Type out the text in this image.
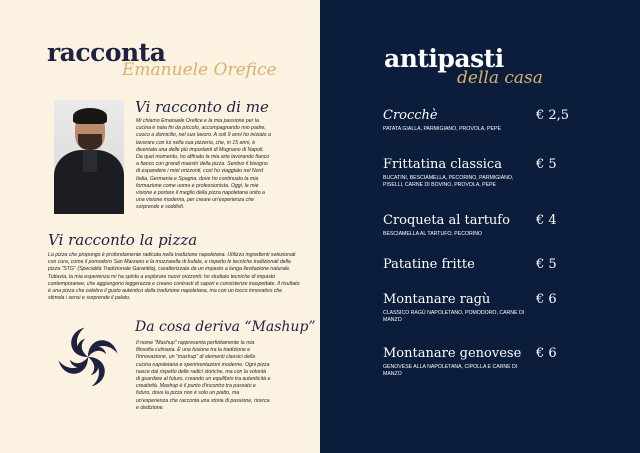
racconta
Emanuele Orefice
Vi racconto di me
Mi chiamo Emanuele Orefice e la mia passione per la cucina è nata fin da piccolo, accompagnando mio padre, cuoco a domicilio, nel suo lavoro. A soli 9 anni ho iniziato a lavorare con lui nella sua pizzeria, che, in 15 anni, è diventata una delle più importanti di Mugnano di Napoli. Da quel momento, ho affinato la mia arte lavorando fianco a fianco con grandi maestri della pizza. Sentivo il bisogno di espandere i miei orizzonti, così ho viaggiato nel Nord Italia, Germania e Spagna, dove ho continuato la mia formazione come uomo e professionista. Oggi, le mie visione e portare il meglio della pizza napoletana unito a una visione moderna, per creare un'esperienza che sorprende e soddisfi.
Vi racconto la pizza
La pizza che propongo è profondamente radicata nella tradizione napoletana. Utilizzo ingredienti selezionati con cura, come il pomodoro San Marzano e la mozzarella di bufala, e rispetto le tecniche tradizionali della pizza "STG" (Specialità Tradizionale Garantita), caratterizzata da un impasto a lunga lievitazione naturale. Tuttavia, la mia esperienza mi ha spinto a esplorare nuovi orizzonti: ho studiato tecniche di impasto contemporanee, che aggiungono leggerezza e creano contrasti di sapori e consistenze inaspettate. Il risultato è una pizza che celebra il gusto autentico della tradizione napoletana, ma con un tocco innovativo che stimola i sensi e sorprende il palato.
Da cosa deriva “Mashup”
Il nome "Mashup" rappresenta perfettamente la mia filosofia culinaria. È una fusione tra la tradizione e l'innovazione, un "mashup" di elementi classici della cucina napoletana e sperimentazioni moderne. Ogni pizza nasce dal rispetto delle radici storiche, ma con la volontà di guardare al futuro, creando un equilibrio tra autenticità e creatività. Mashup è il punto d'incontro tra passato e futuro, dove la pizza non è solo un piatto, ma un'esperienza che racconta una storia di passione, ricerca e dedizione.
antipasti
della casa
Crocchè
PATATA GIALLA, PARMIGIANO, PROVOLA, PEPE
€ 2,5
Frittatina classica
BUCATINI, BESCIAMELLA, PECORINO, PARMIGIANO, PISELLI, CARNE DI BOVINO, PROVOLA, PEPE
€ 5
Croqueta al tartufo
BESCIAMELLA AL TARTUFO, PECORINO
€ 4
Patatine fritte	€ 5
Montanare ragù
CLASSICO RAGÙ NAPOLETANO, POMODORO, CARNE DI MANZO
€ 6
Montanare genovese
GENOVESE ALLA NAPOLETANA, CIPOLLA E CARNE DI MANZO
€ 6
